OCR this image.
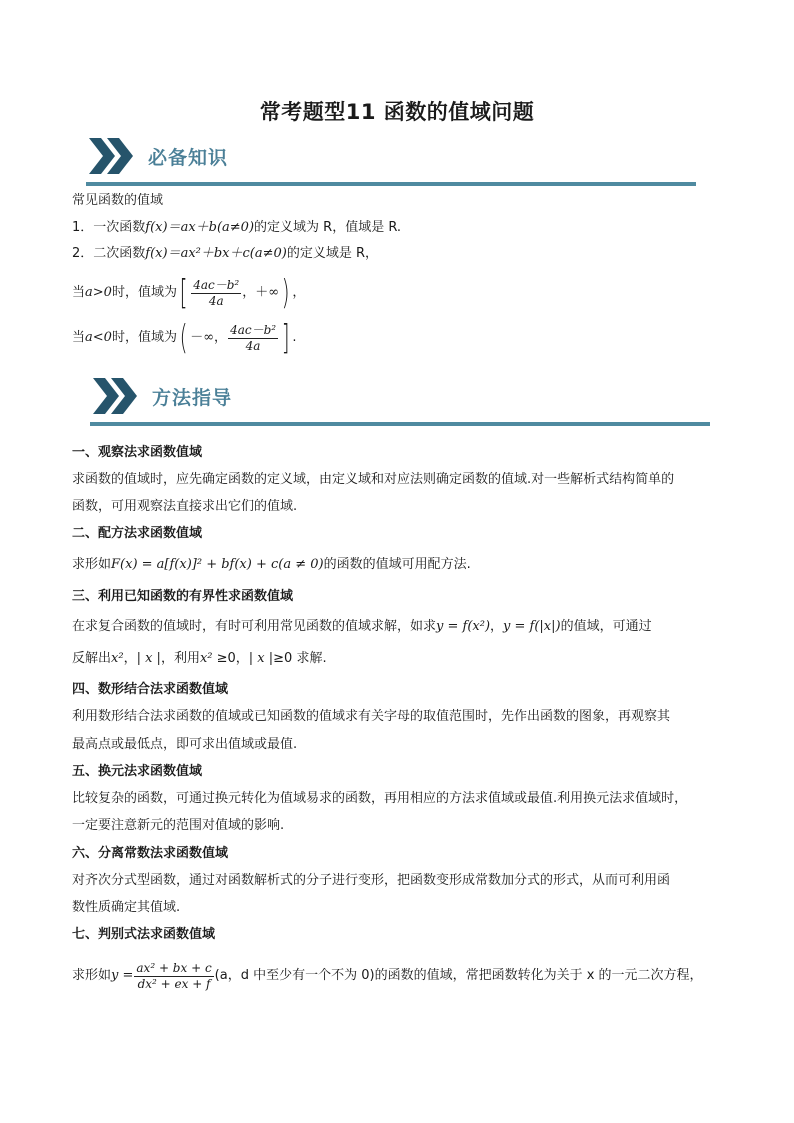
常考题型11 函数的值域问题
必备知识
常见函数的值域
1．一次函数f(x)＝ax＋b(a≠0)的定义域为 R，值域是 R.
2．二次函数f(x)＝ax²＋bx＋c(a≠0)的定义域是 R，
当 a>0 时，值域为 [ $\frac{\text{4ac－b²}}{4a}$ ，＋∞ ) ，
当 a<0 时，值域为 ( －∞， $\frac{\text{4ac－b²}}{4a}$ ] .
方法指导
一、观察法求函数值域
求函数的值域时，应先确定函数的定义域，由定义域和对应法则确定函数的值域.对一些解析式结构简单的
函数，可用观察法直接求出它们的值域.
二、配方法求函数值域
求形如F(x) = a[f(x)]² + bf(x) + c(a ≠ 0)的函数的值域可用配方法.
三、利用已知函数的有界性求函数值域
在求复合函数的值域时，有时可利用常见函数的值域求解，如求y = f(x²)，y = f(|x|)的值域，可通过
反解出x²，| x |，利用x² ≥0，| x |≥0 求解.
四、数形结合法求函数值域
利用数形结合法求函数的值域或已知函数的值域求有关字母的取值范围时，先作出函数的图象，再观察其
最高点或最低点，即可求出值域或最值.
五、换元法求函数值域
比较复杂的函数，可通过换元转化为值域易求的函数，再用相应的方法求值域或最值.利用换元法求值域时，
一定要注意新元的范围对值域的影响.
六、分离常数法求函数值域
对齐次分式型函数，通过对函数解析式的分子进行变形，把函数变形成常数加分式的形式，从而可利用函
数性质确定其值域.
七、判别式法求函数值域
求形如 $y = \frac{\text{ax² + bx + c}}{\text{dx² + ex + f}} (a$，d 中至少有一个不为 0)的函数的值域，常把函数转化为关于 x 的一元二次方程，
